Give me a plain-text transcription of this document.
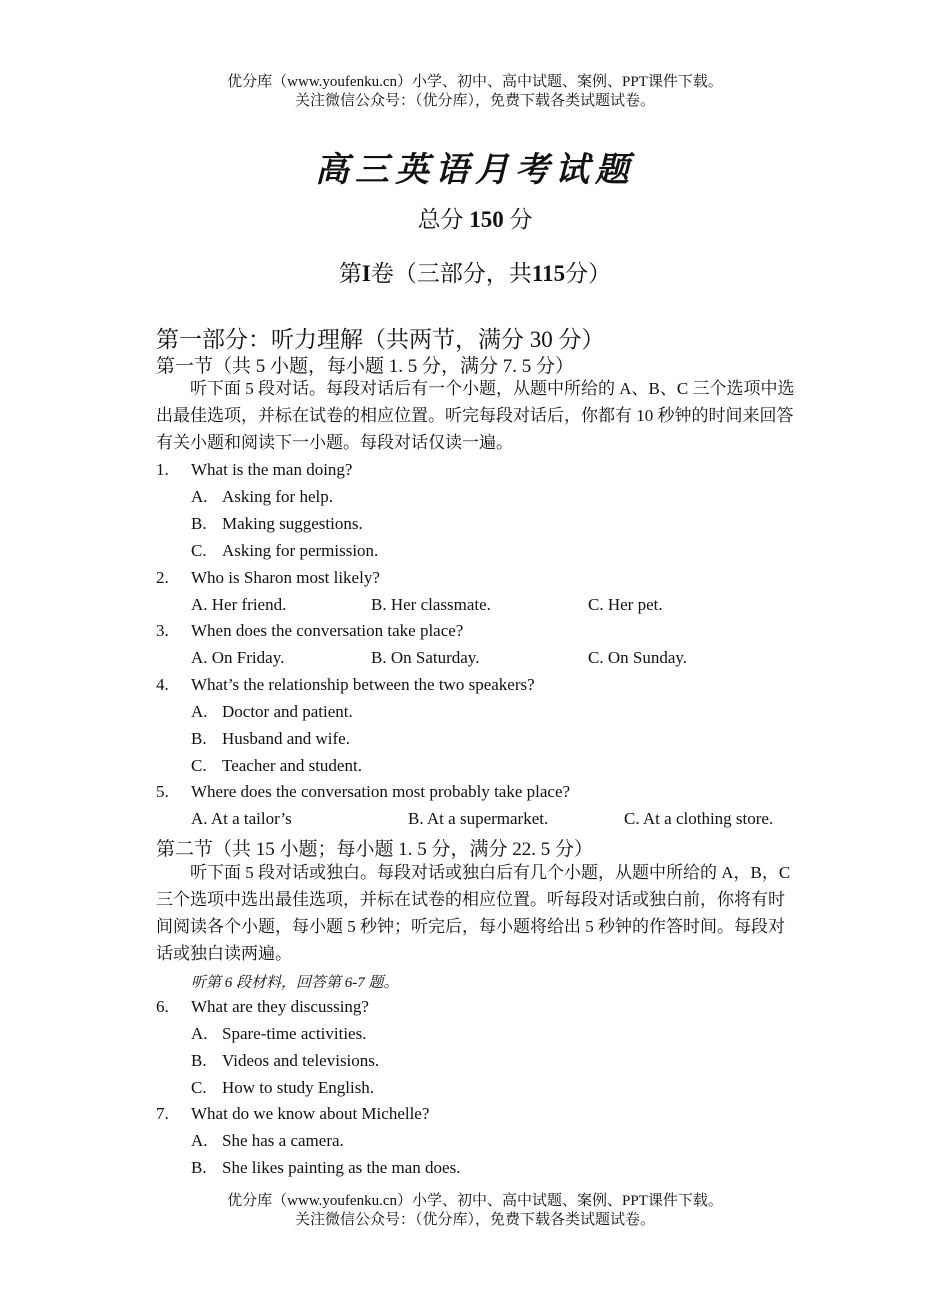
优分库（www.youfenku.cn）小学、初中、高中试题、案例、PPT课件下载。
关注微信公众号：（优分库），免费下载各类试题试卷。
高三英语月考试题
总分 150 分
第I卷（三部分，共115分）
第一部分：听力理解（共两节，满分 30 分）
第一节（共 5 小题，每小题 1. 5 分，满分 7. 5 分）
听下面 5 段对话。每段对话后有一个小题，从题中所给的 A、B、C 三个选项中选出最佳选项，并标在试卷的相应位置。听完每段对话后，你都有 10 秒钟的时间来回答有关小题和阅读下一小题。每段对话仅读一遍。
1. What is the man doing?
A. Asking for help.
B. Making suggestions.
C. Asking for permission.
2. Who is Sharon most likely?
A. Her friend.	B. Her classmate.	C. Her pet.
3. When does the conversation take place?
A. On Friday.	B. On Saturday.	C. On Sunday.
4. What’s the relationship between the two speakers?
A. Doctor and patient.
B. Husband and wife.
C. Teacher and student.
5. Where does the conversation most probably take place?
A. At a tailor’s	B. At a supermarket.	C. At a clothing store.
第二节（共 15 小题；每小题 1. 5 分，满分 22. 5 分）
听下面 5 段对话或独白。每段对话或独白后有几个小题，从题中所给的 A，B，C 三个选项中选出最佳选项，并标在试卷的相应位置。听每段对话或独白前，你将有时间阅读各个小题，每小题 5 秒钟；听完后，每小题将给出 5 秒钟的作答时间。每段对话或独白读两遍。
听第 6 段材料，回答第 6-7 题。
6. What are they discussing?
A. Spare-time activities.
B. Videos and televisions.
C. How to study English.
7. What do we know about Michelle?
A. She has a camera.
B. She likes painting as the man does.
优分库（www.youfenku.cn）小学、初中、高中试题、案例、PPT课件下载。
关注微信公众号：（优分库），免费下载各类试题试卷。
